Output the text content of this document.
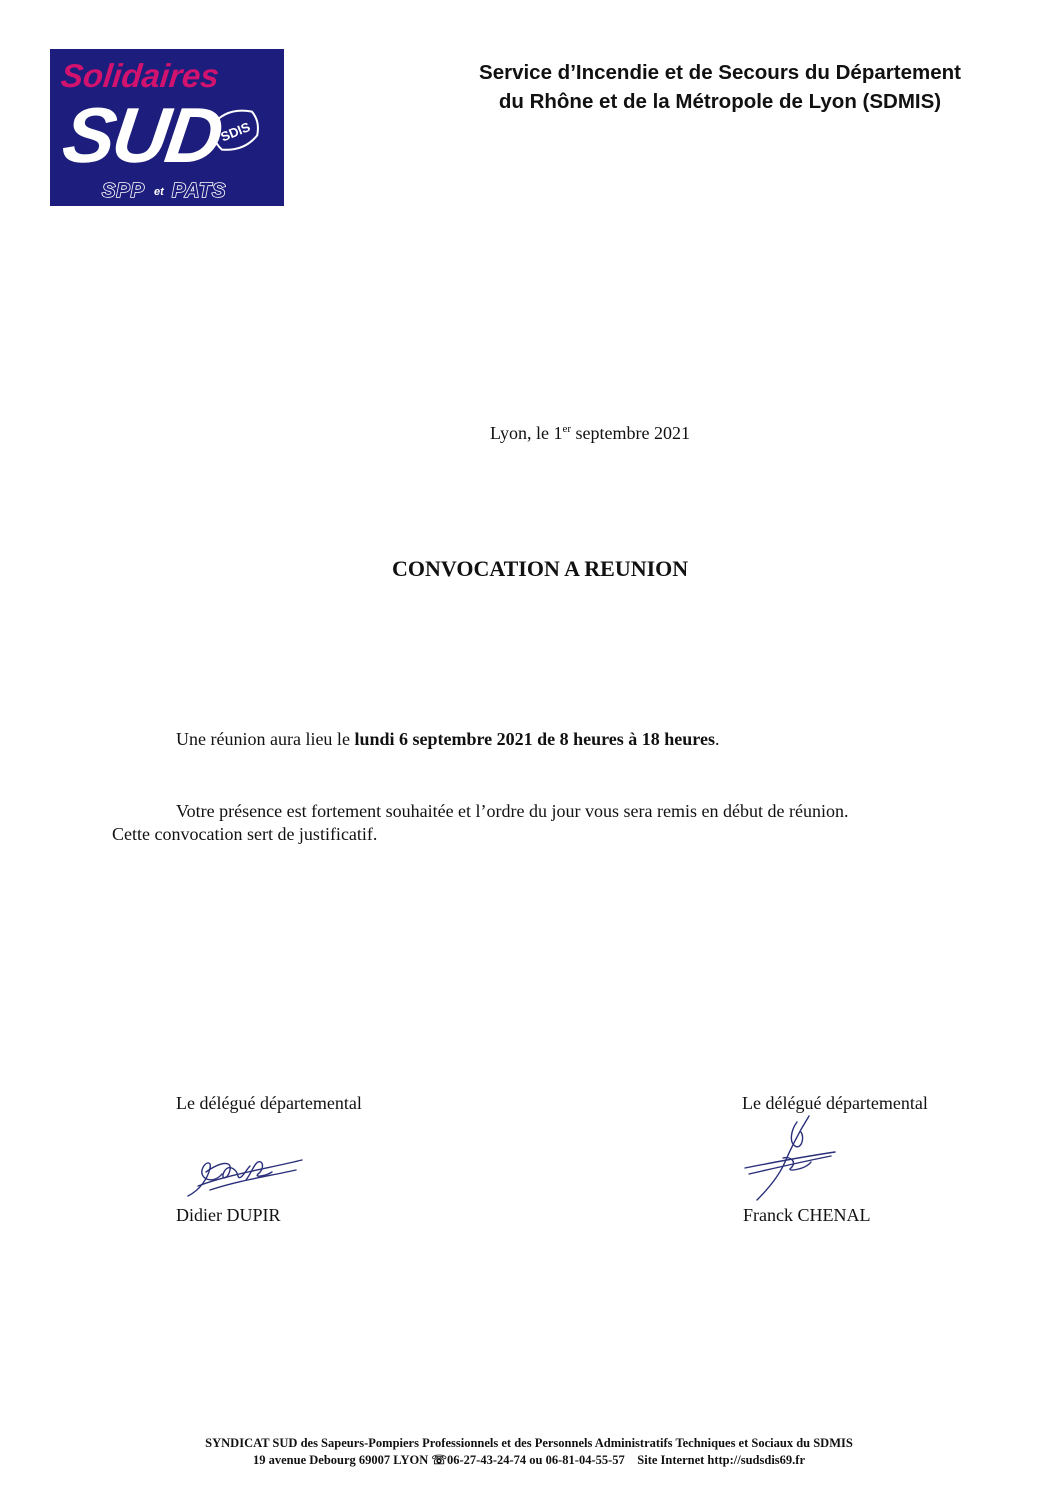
Solidaires
SUD
SDIS
SPP et PATS
Service d’Incendie et de Secours du Département
du Rhône et de la Métropole de Lyon (SDMIS)
Lyon, le 1er septembre 2021
CONVOCATION A REUNION
Une réunion aura lieu le lundi 6 septembre 2021 de 8 heures à 18 heures.
Votre présence est fortement souhaitée et l’ordre du jour vous sera remis en début de réunion.
Cette convocation sert de justificatif.
Le délégué départemental	Le délégué départemental
Didier DUPIR	Franck CHENAL
SYNDICAT SUD des Sapeurs-Pompiers Professionnels et des Personnels Administratifs Techniques et Sociaux du SDMIS
19 avenue Debourg 69007 LYON ☏06-27-43-24-74 ou 06-81-04-55-57 Site Internet http://sudsdis69.fr
